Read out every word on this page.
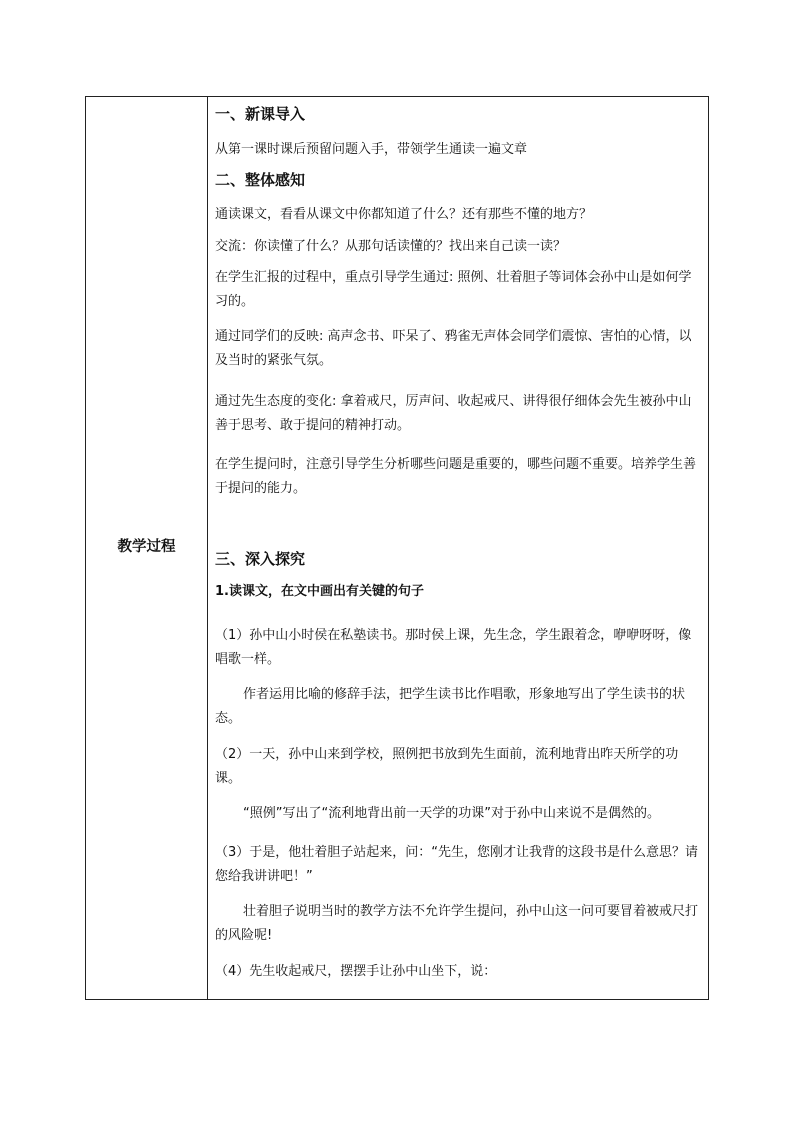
教学过程

一、新课导入

从第一课时课后预留问题入手，带领学生通读一遍文章

二、整体感知

通读课文，看看从课文中你都知道了什么？还有那些不懂的地方？

交流：你读懂了什么？从那句话读懂的？找出来自己读一读？

在学生汇报的过程中，重点引导学生通过: 照例、壮着胆子等词体会孙中山是如何学习的。

通过同学们的反映: 高声念书、吓呆了、鸦雀无声体会同学们震惊、害怕的心情，以及当时的紧张气氛。

通过先生态度的变化: 拿着戒尺，厉声问、收起戒尺、讲得很仔细体会先生被孙中山善于思考、敢于提问的精神打动。

在学生提问时，注意引导学生分析哪些问题是重要的，哪些问题不重要。培养学生善于提问的能力。

三、深入探究

1.读课文，在文中画出有关键的句子

（1）孙中山小时侯在私塾读书。那时侯上课，先生念，学生跟着念，咿咿呀呀，像唱歌一样。

作者运用比喻的修辞手法，把学生读书比作唱歌，形象地写出了学生读书的状态。

（2）一天，孙中山来到学校，照例把书放到先生面前，流利地背出昨天所学的功课。

“照例”写出了“流利地背出前一天学的功课”对于孙中山来说不是偶然的。

（3）于是，他壮着胆子站起来，问：“先生，您刚才让我背的这段书是什么意思？请您给我讲讲吧！”

壮着胆子说明当时的教学方法不允许学生提问，孙中山这一问可要冒着被戒尺打的风险呢!

（4）先生收起戒尺，摆摆手让孙中山坐下，说：
